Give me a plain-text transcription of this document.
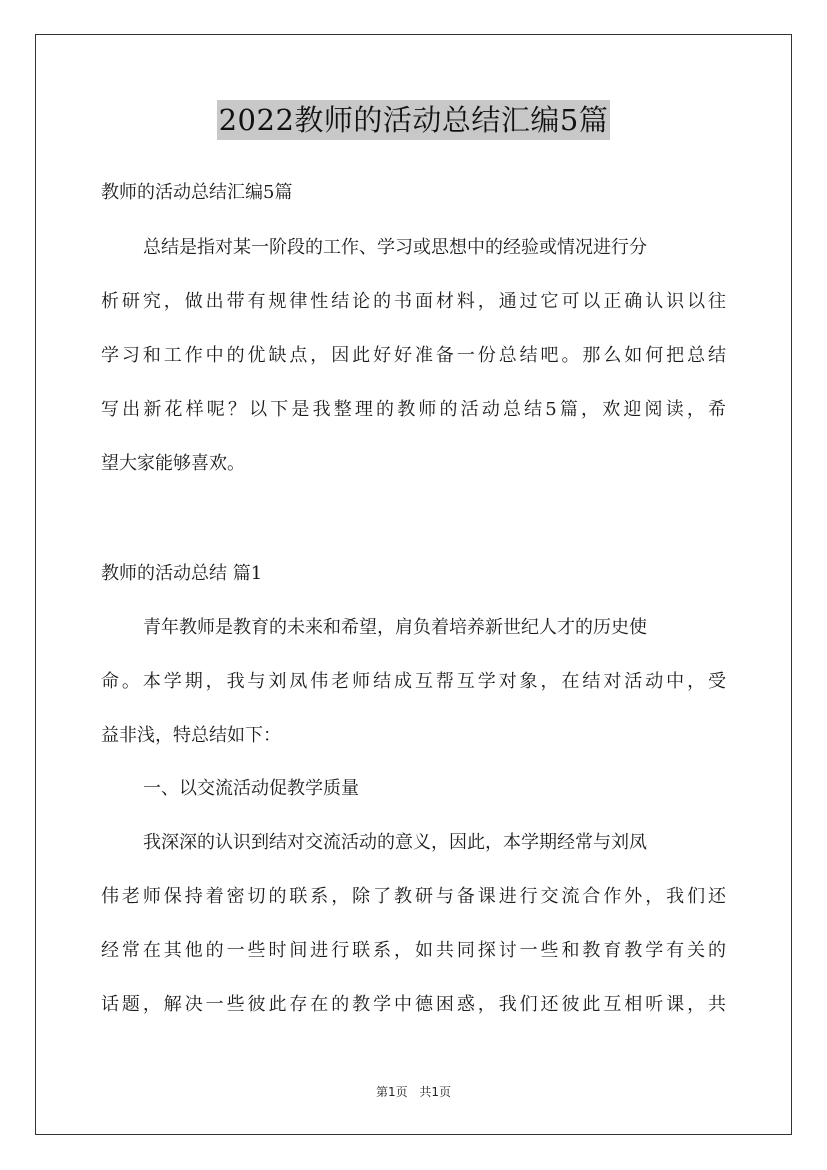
2022教师的活动总结汇编5篇
教师的活动总结汇编5篇
总结是指对某一阶段的工作、学习或思想中的经验或情况进行分
析研究，做出带有规律性结论的书面材料，通过它可以正确认识以往
学习和工作中的优缺点，因此好好准备一份总结吧。那么如何把总结
写出新花样呢？以下是我整理的教师的活动总结5篇，欢迎阅读，希
望大家能够喜欢。
教师的活动总结 篇1
青年教师是教育的未来和希望，肩负着培养新世纪人才的历史使
命。本学期，我与刘凤伟老师结成互帮互学对象，在结对活动中，受
益非浅，特总结如下：
一、以交流活动促教学质量
我深深的认识到结对交流活动的意义，因此，本学期经常与刘凤
伟老师保持着密切的联系，除了教研与备课进行交流合作外，我们还
经常在其他的一些时间进行联系，如共同探讨一些和教育教学有关的
话题，解决一些彼此存在的教学中德困惑，我们还彼此互相听课，共
第1页 共1页
